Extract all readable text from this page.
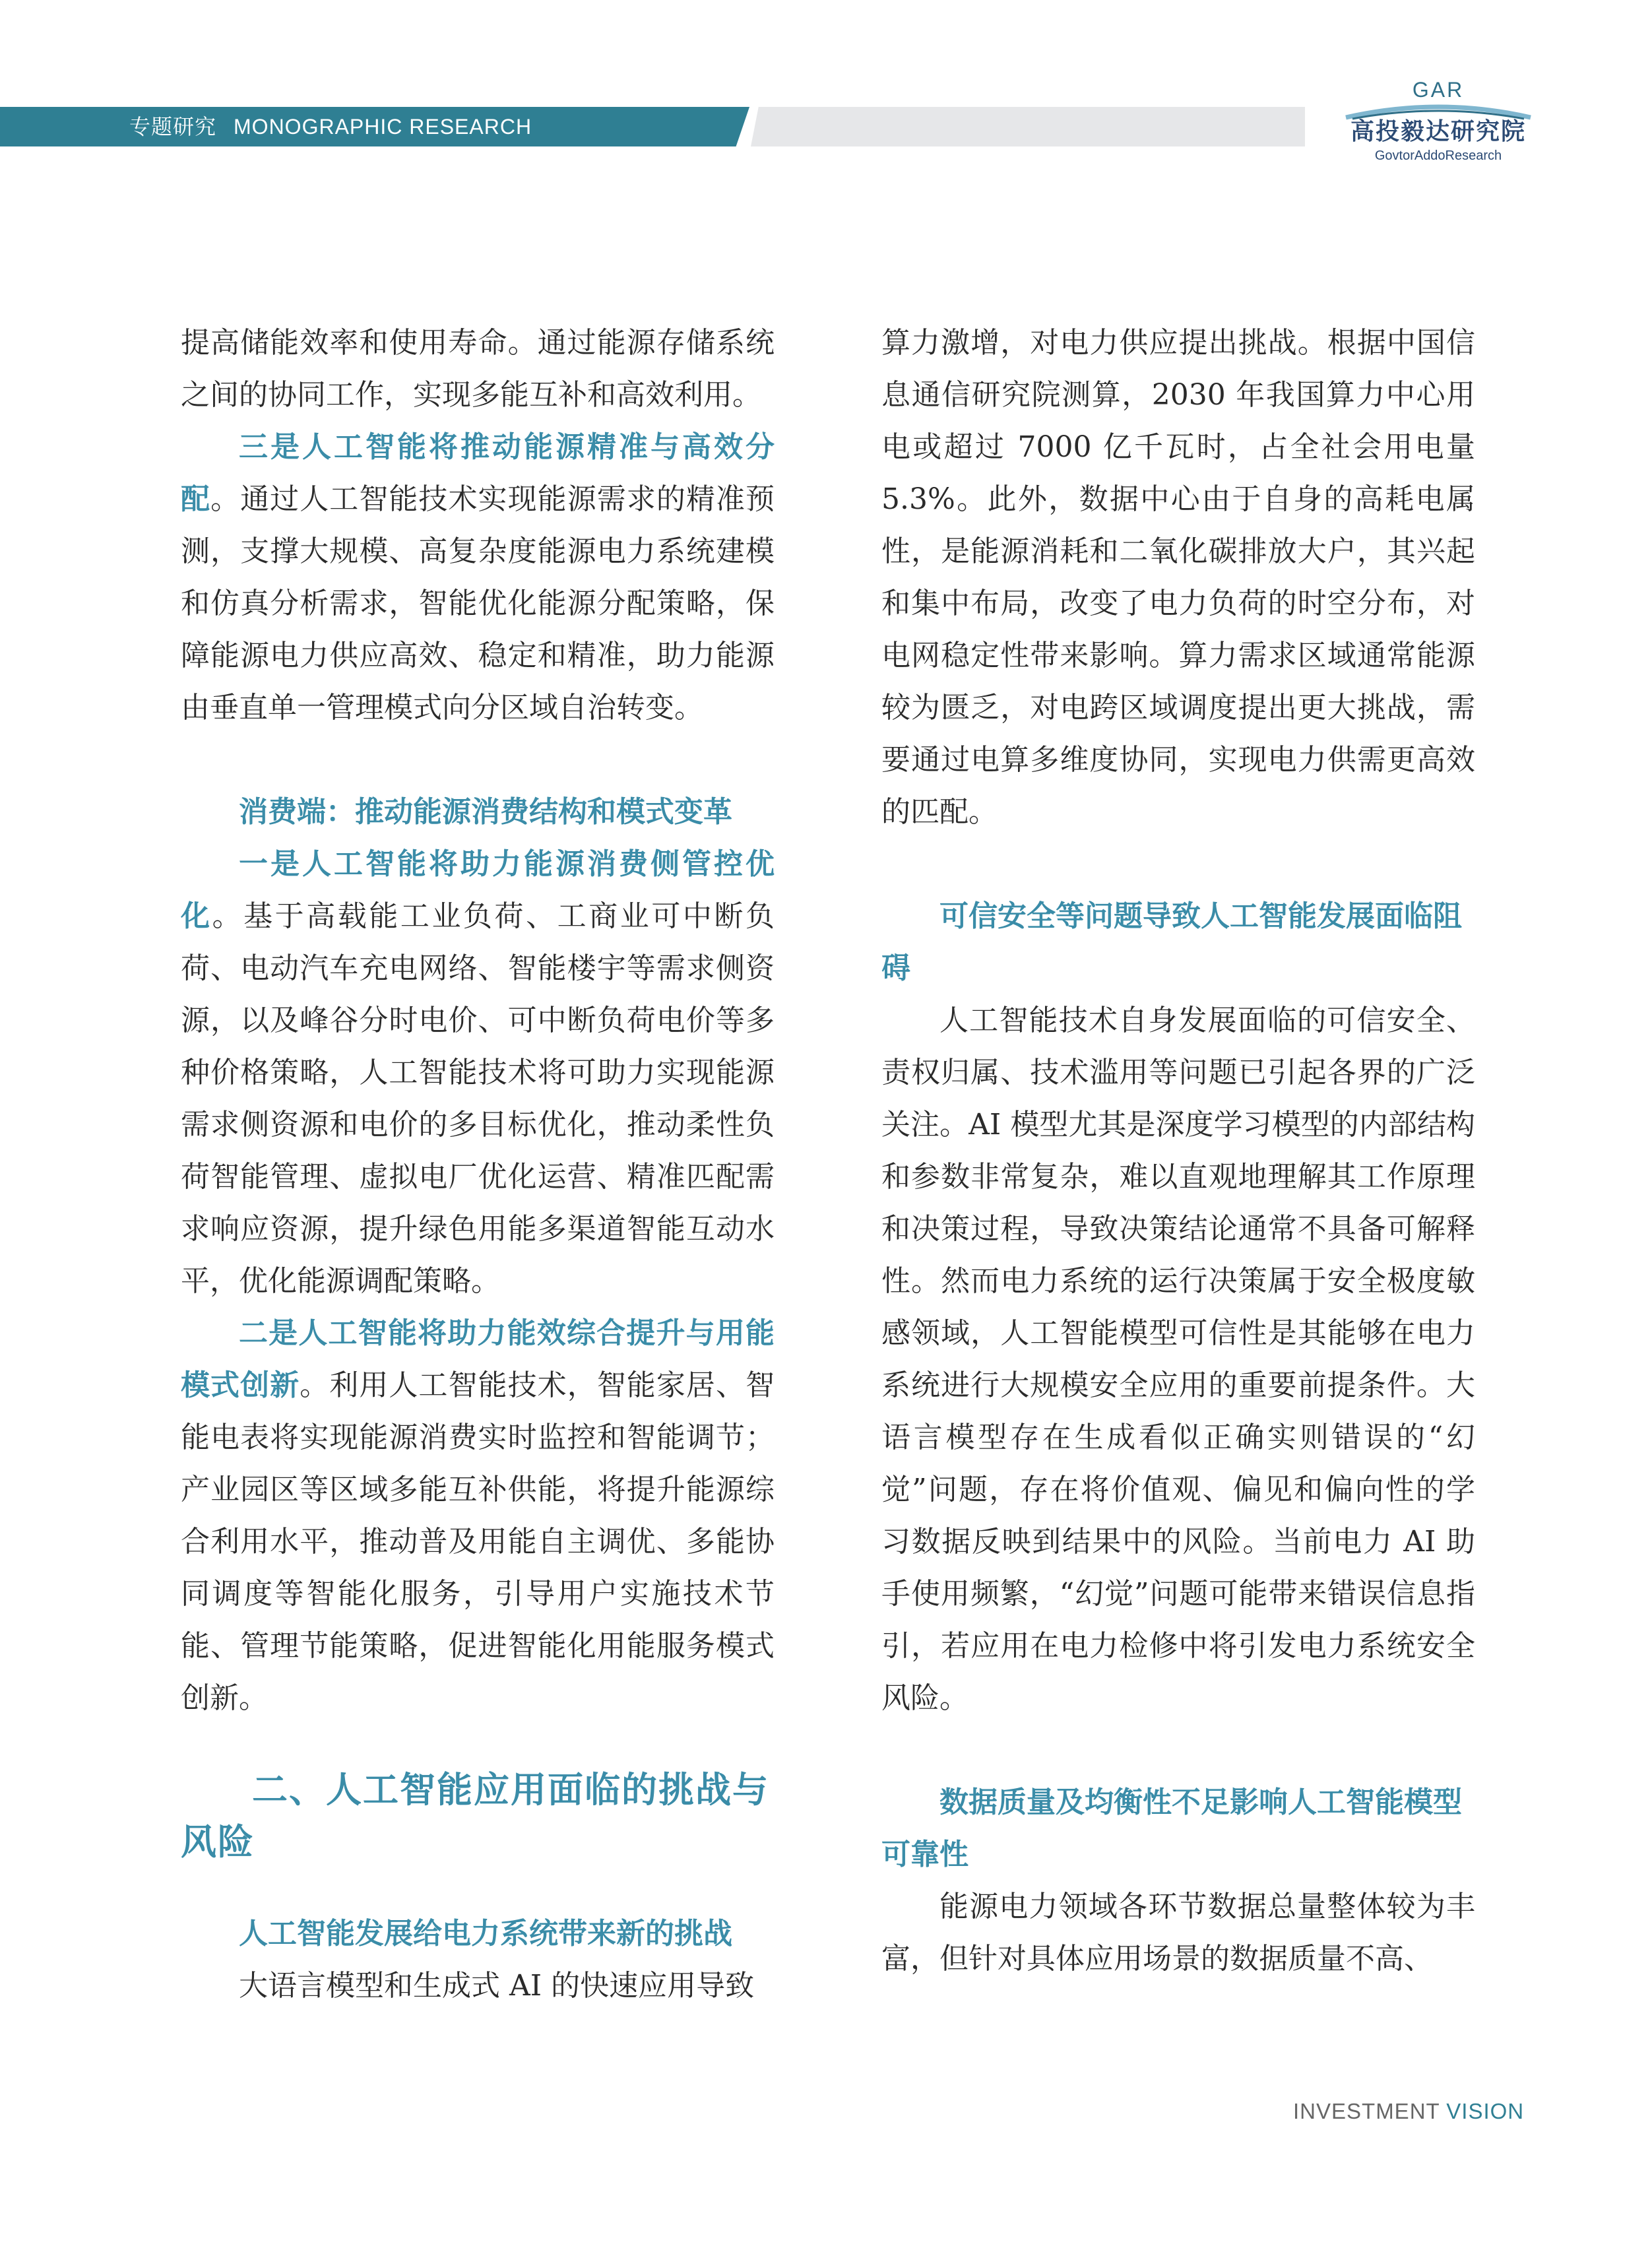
专题研究 MONOGRAPHIC RESEARCH
GAR
高投毅达研究院
GovtorAddoResearch

提高储能效率和使用寿命。通过能源存储系统之间的协同工作，实现多能互补和高效利用。

三是人工智能将推动能源精准与高效分配。通过人工智能技术实现能源需求的精准预测，支撑大规模、高复杂度能源电力系统建模和仿真分析需求，智能优化能源分配策略，保障能源电力供应高效、稳定和精准，助力能源由垂直单一管理模式向分区域自治转变。

消费端：推动能源消费结构和模式变革

一是人工智能将助力能源消费侧管控优化。基于高载能工业负荷、工商业可中断负荷、电动汽车充电网络、智能楼宇等需求侧资源，以及峰谷分时电价、可中断负荷电价等多种价格策略，人工智能技术将可助力实现能源需求侧资源和电价的多目标优化，推动柔性负荷智能管理、虚拟电厂优化运营、精准匹配需求响应资源，提升绿色用能多渠道智能互动水平，优化能源调配策略。

二是人工智能将助力能效综合提升与用能模式创新。利用人工智能技术，智能家居、智能电表将实现能源消费实时监控和智能调节；产业园区等区域多能互补供能，将提升能源综合利用水平，推动普及用能自主调优、多能协同调度等智能化服务，引导用户实施技术节能、管理节能策略，促进智能化用能服务模式创新。

二、人工智能应用面临的挑战与风险
人工智能发展给电力系统带来新的挑战

大语言模型和生成式 AI 的快速应用导致

算力激增，对电力供应提出挑战。根据中国信息通信研究院测算，2030 年我国算力中心用电或超过 7000 亿千瓦时，占全社会用电量 5.3%。此外，数据中心由于自身的高耗电属性，是能源消耗和二氧化碳排放大户，其兴起和集中布局，改变了电力负荷的时空分布，对电网稳定性带来影响。算力需求区域通常能源较为匮乏，对电跨区域调度提出更大挑战，需要通过电算多维度协同，实现电力供需更高效的匹配。

可信安全等问题导致人工智能发展面临阻碍

人工智能技术自身发展面临的可信安全、责权归属、技术滥用等问题已引起各界的广泛关注。AI 模型尤其是深度学习模型的内部结构和参数非常复杂，难以直观地理解其工作原理和决策过程，导致决策结论通常不具备可解释性。然而电力系统的运行决策属于安全极度敏感领域，人工智能模型可信性是其能够在电力系统进行大规模安全应用的重要前提条件。大语言模型存在生成看似正确实则错误的“幻觉”问题，存在将价值观、偏见和偏向性的学习数据反映到结果中的风险。当前电力 AI 助手使用频繁，“幻觉”问题可能带来错误信息指引，若应用在电力检修中将引发电力系统安全风险。

数据质量及均衡性不足影响人工智能模型可靠性

能源电力领域各环节数据总量整体较为丰富，但针对具体应用场景的数据质量不高、

INVESTMENT VISION
